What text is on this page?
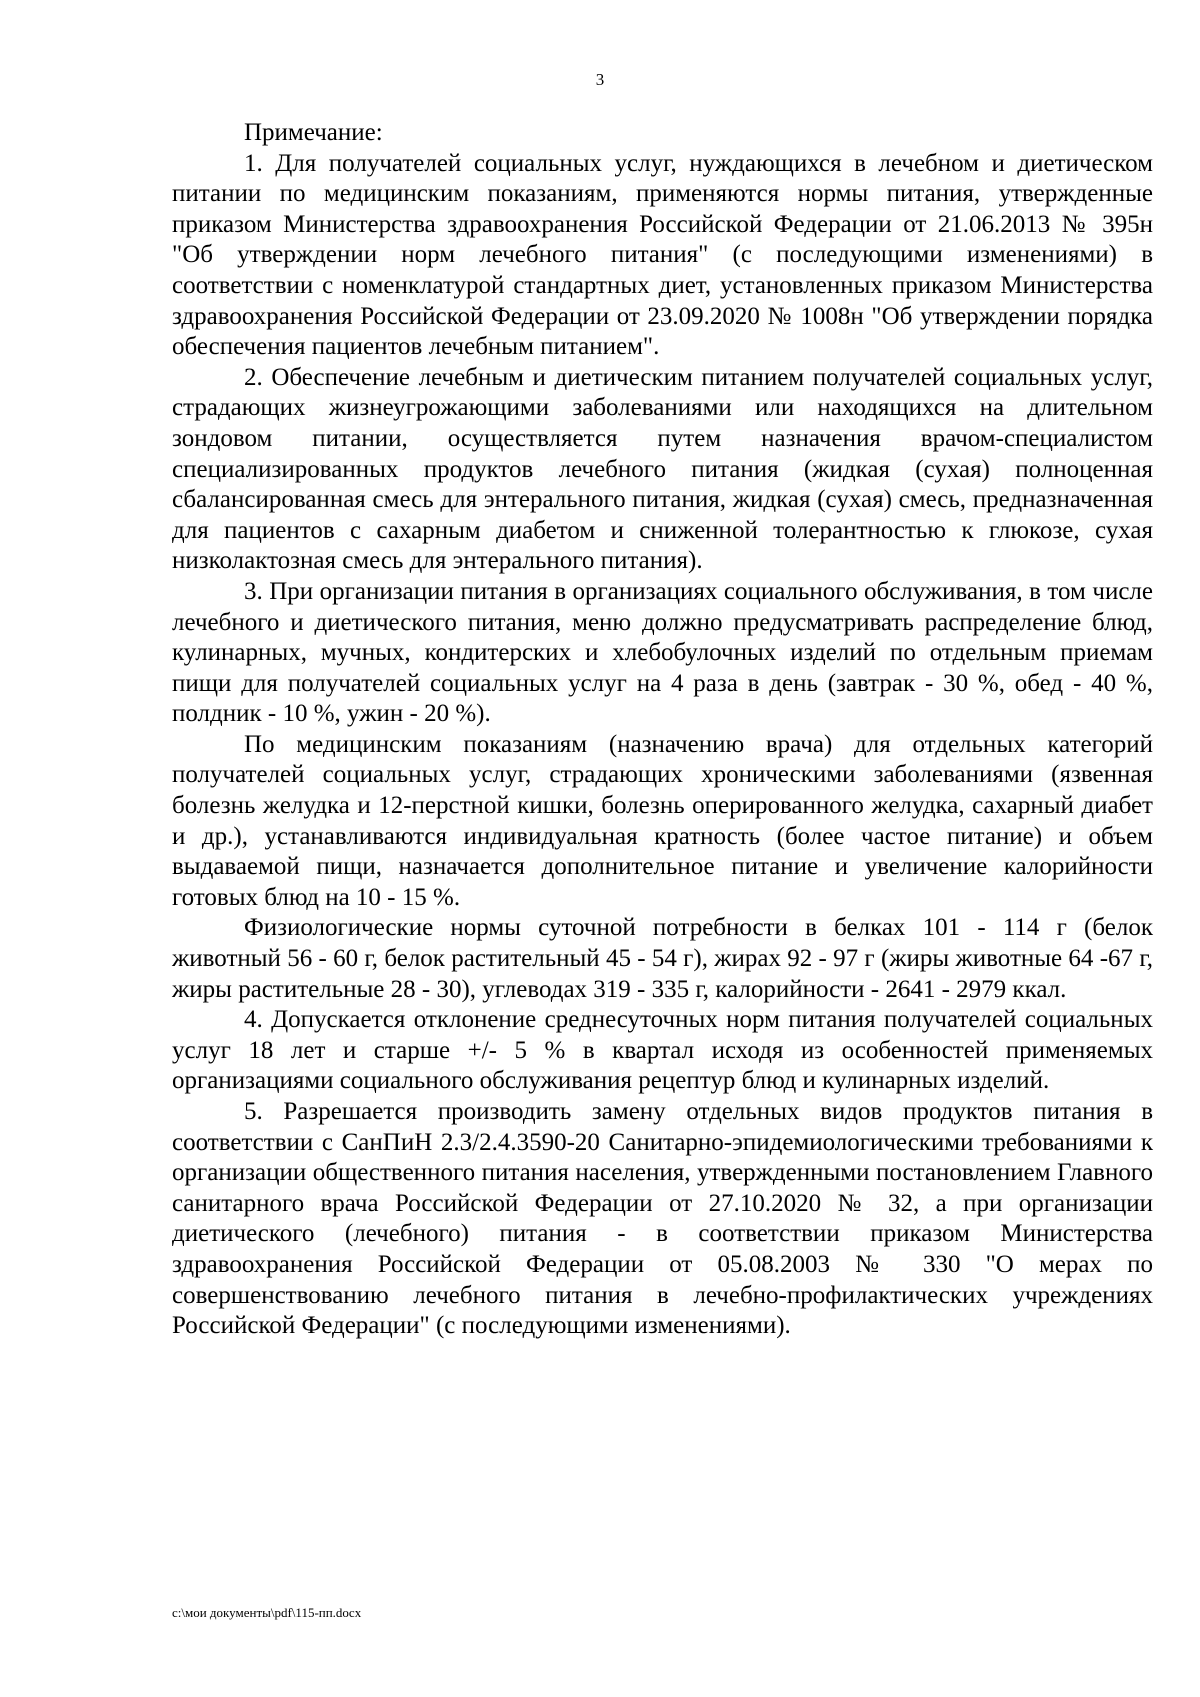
3

Примечание:

1. Для получателей социальных услуг, нуждающихся в лечебном и диетическом питании по медицинским показаниям, применяются нормы питания, утвержденные приказом Министерства здравоохранения Российской Федерации от 21.06.2013 № 395н "Об утверждении норм лечебного питания" (с последующими изменениями) в соответствии с номенклатурой стандартных диет, установленных приказом Министерства здравоохранения Российской Федерации от 23.09.2020 № 1008н "Об утверждении порядка обеспечения пациентов лечебным питанием".

2. Обеспечение лечебным и диетическим питанием получателей социальных услуг, страдающих жизнеугрожающими заболеваниями или находящихся на длительном зондовом питании, осуществляется путем назначения врачом-специалистом специализированных продуктов лечебного питания (жидкая (сухая) полноценная сбалансированная смесь для энтерального питания, жидкая (сухая) смесь, предназначенная для пациентов с сахарным диабетом и сниженной толерантностью к глюкозе, сухая низколактозная смесь для энтерального питания).

3. При организации питания в организациях социального обслуживания, в том числе лечебного и диетического питания, меню должно предусматривать распределение блюд, кулинарных, мучных, кондитерских и хлебобулочных изделий по отдельным приемам пищи для получателей социальных услуг на 4 раза в день (завтрак - 30 %, обед - 40 %, полдник - 10 %, ужин - 20 %).

По медицинским показаниям (назначению врача) для отдельных категорий получателей социальных услуг, страдающих хроническими заболеваниями (язвенная болезнь желудка и 12-перстной кишки, болезнь оперированного желудка, сахарный диабет и др.), устанавливаются индивидуальная кратность (более частое питание) и объем выдаваемой пищи, назначается дополнительное питание и увеличение калорийности готовых блюд на 10 - 15 %.

Физиологические нормы суточной потребности в белках 101 - 114 г (белок животный 56 - 60 г, белок растительный 45 - 54 г), жирах 92 - 97 г (жиры животные 64 -67 г, жиры растительные 28 - 30), углеводах 319 - 335 г, калорийности - 2641 - 2979 ккал.

4. Допускается отклонение среднесуточных норм питания получателей социальных услуг 18 лет и старше +/- 5 % в квартал исходя из особенностей применяемых организациями социального обслуживания рецептур блюд и кулинарных изделий.

5. Разрешается производить замену отдельных видов продуктов питания в соответствии с СанПиН 2.3/2.4.3590-20 Санитарно-эпидемиологическими требованиями к организации общественного питания населения, утвержденными постановлением Главного санитарного врача Российской Федерации от 27.10.2020 № 32, а при организации диетического (лечебного) питания - в соответствии приказом Министерства здравоохранения Российской Федерации от 05.08.2003 № 330 "О мерах по совершенствованию лечебного питания в лечебно-профилактических учреждениях Российской Федерации" (с последующими изменениями).

c:\мои документы\pdf\115-пп.docx
